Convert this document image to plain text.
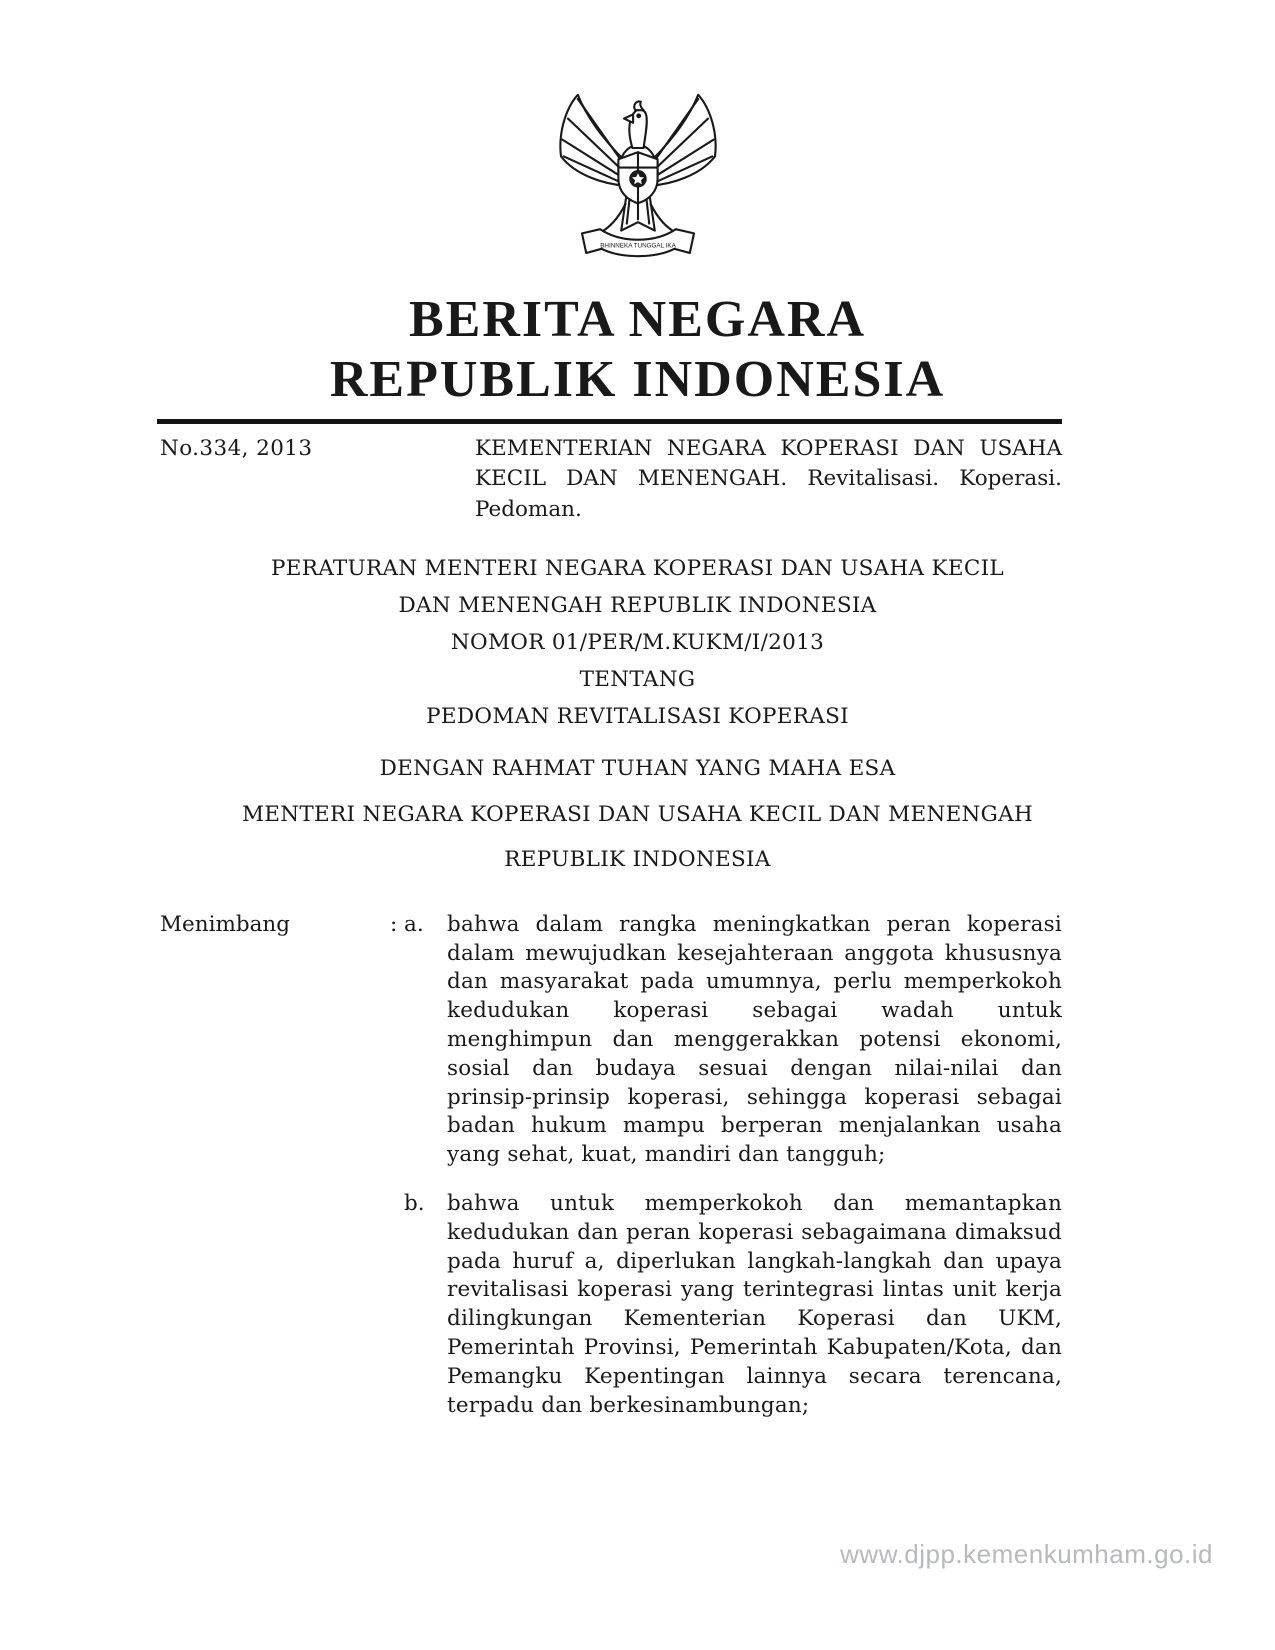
BHINNEKA TUNGGAL IKA
BERITA NEGARA
REPUBLIK INDONESIA
No.334, 2013	KEMENTERIAN NEGARA KOPERASI DAN USAHA KECIL DAN MENENGAH. Revitalisasi. Koperasi. Pedoman.
PERATURAN MENTERI NEGARA KOPERASI DAN USAHA KECIL
DAN MENENGAH REPUBLIK INDONESIA
NOMOR 01/PER/M.KUKM/I/2013
TENTANG
PEDOMAN REVITALISASI KOPERASI
DENGAN RAHMAT TUHAN YANG MAHA ESA
MENTERI NEGARA KOPERASI DAN USAHA KECIL DAN MENENGAH
REPUBLIK INDONESIA
Menimbang	: a.	bahwa dalam rangka meningkatkan peran koperasi dalam mewujudkan kesejahteraan anggota khususnya dan masyarakat pada umumnya, perlu memperkokoh kedudukan koperasi sebagai wadah untuk menghimpun dan menggerakkan potensi ekonomi, sosial dan budaya sesuai dengan nilai-nilai dan prinsip-prinsip koperasi, sehingga koperasi sebagai badan hukum mampu berperan menjalankan usaha yang sehat, kuat, mandiri dan tangguh;
b.	bahwa untuk memperkokoh dan memantapkan kedudukan dan peran koperasi sebagaimana dimaksud pada huruf a, diperlukan langkah-langkah dan upaya revitalisasi koperasi yang terintegrasi lintas unit kerja dilingkungan Kementerian Koperasi dan UKM, Pemerintah Provinsi, Pemerintah Kabupaten/Kota, dan Pemangku Kepentingan lainnya secara terencana, terpadu dan berkesinambungan;
www.djpp.kemenkumham.go.id
